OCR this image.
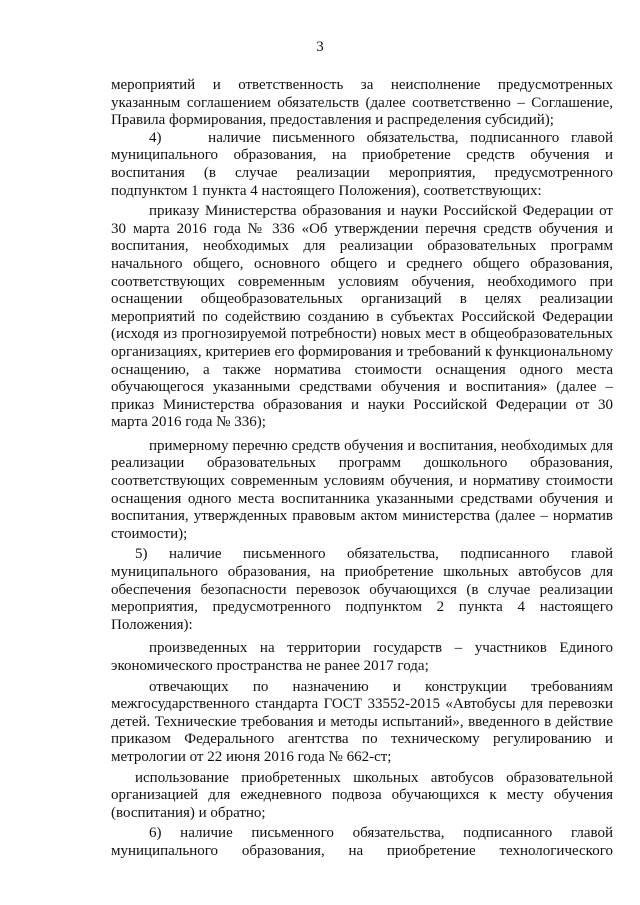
3

мероприятий и ответственность за неисполнение предусмотренных указанным соглашением обязательств (далее соответственно – Соглашение, Правила формирования, предоставления и распределения субсидий);

4)    наличие письменного обязательства, подписанного главой муниципального образования, на приобретение средств обучения и воспитания (в случае реализации мероприятия, предусмотренного подпунктом 1 пункта 4 настоящего Положения), соответствующих:

приказу Министерства образования и науки Российской Федерации от 30 марта 2016 года № 336 «Об утверждении перечня средств обучения и воспитания, необходимых для реализации образовательных программ начального общего, основного общего и среднего общего образования, соответствующих современным условиям обучения, необходимого при оснащении общеобразовательных организаций в целях реализации мероприятий по содействию созданию в субъектах Российской Федерации (исходя из прогнозируемой потребности) новых мест в общеобразовательных организациях, критериев его формирования и требований к функциональному оснащению, а также норматива стоимости оснащения одного места обучающегося указанными средствами обучения и воспитания» (далее – приказ Министерства образования и науки Российской Федерации от 30 марта 2016 года № 336);

примерному перечню средств обучения и воспитания, необходимых для реализации образовательных программ дошкольного образования, соответствующих современным условиям обучения, и нормативу стоимости оснащения одного места воспитанника указанными средствами обучения и воспитания, утвержденных правовым актом министерства (далее – норматив стоимости);

5) наличие письменного обязательства, подписанного главой муниципального образования, на приобретение школьных автобусов для обеспечения безопасности перевозок обучающихся (в случае реализации мероприятия, предусмотренного подпунктом 2 пункта 4 настоящего Положения):

произведенных на территории государств – участников Единого экономического пространства не ранее 2017 года;

отвечающих по назначению и конструкции требованиям межгосударственного стандарта ГОСТ 33552-2015 «Автобусы для перевозки детей. Технические требования и методы испытаний», введенного в действие приказом Федерального агентства по техническому регулированию и метрологии от 22 июня 2016 года № 662-ст;

использование приобретенных школьных автобусов образовательной организацией для ежедневного подвоза обучающихся к месту обучения (воспитания) и обратно;

6) наличие письменного обязательства, подписанного главой муниципального образования, на приобретение технологического
